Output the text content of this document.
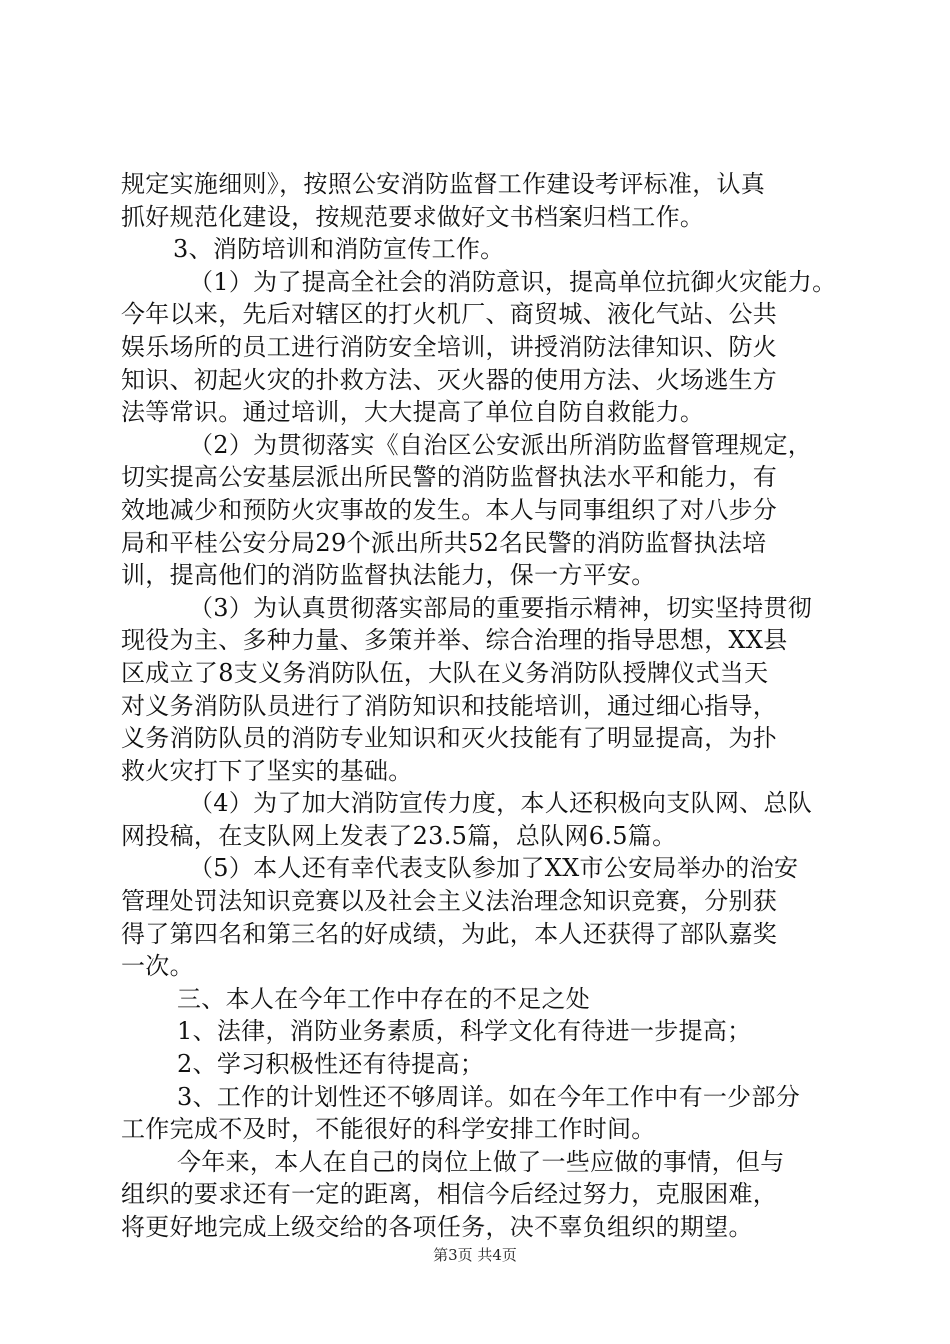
规定实施细则》，按照公安消防监督工作建设考评标准，认真
抓好规范化建设，按规范要求做好文书档案归档工作。
3、消防培训和消防宣传工作。
（1）为了提高全社会的消防意识，提高单位抗御火灾能力。
今年以来，先后对辖区的打火机厂、商贸城、液化气站、公共
娱乐场所的员工进行消防安全培训，讲授消防法律知识、防火
知识、初起火灾的扑救方法、灭火器的使用方法、火场逃生方
法等常识。通过培训，大大提高了单位自防自救能力。
（2）为贯彻落实《自治区公安派出所消防监督管理规定，
切实提高公安基层派出所民警的消防监督执法水平和能力，有
效地减少和预防火灾事故的发生。本人与同事组织了对八步分
局和平桂公安分局29个派出所共52名民警的消防监督执法培
训，提高他们的消防监督执法能力，保一方平安。
（3）为认真贯彻落实部局的重要指示精神，切实坚持贯彻
现役为主、多种力量、多策并举、综合治理的指导思想，XX县
区成立了8支义务消防队伍，大队在义务消防队授牌仪式当天
对义务消防队员进行了消防知识和技能培训，通过细心指导，
义务消防队员的消防专业知识和灭火技能有了明显提高，为扑
救火灾打下了坚实的基础。
（4）为了加大消防宣传力度，本人还积极向支队网、总队
网投稿，在支队网上发表了23.5篇，总队网6.5篇。
（5）本人还有幸代表支队参加了XX市公安局举办的治安
管理处罚法知识竞赛以及社会主义法治理念知识竞赛，分别获
得了第四名和第三名的好成绩，为此，本人还获得了部队嘉奖
一次。
三、本人在今年工作中存在的不足之处
1、法律，消防业务素质，科学文化有待进一步提高；
2、学习积极性还有待提高；
3、工作的计划性还不够周详。如在今年工作中有一少部分
工作完成不及时，不能很好的科学安排工作时间。
今年来，本人在自己的岗位上做了一些应做的事情，但与
组织的要求还有一定的距离，相信今后经过努力，克服困难，
将更好地完成上级交给的各项任务，决不辜负组织的期望。
第3页 共4页
